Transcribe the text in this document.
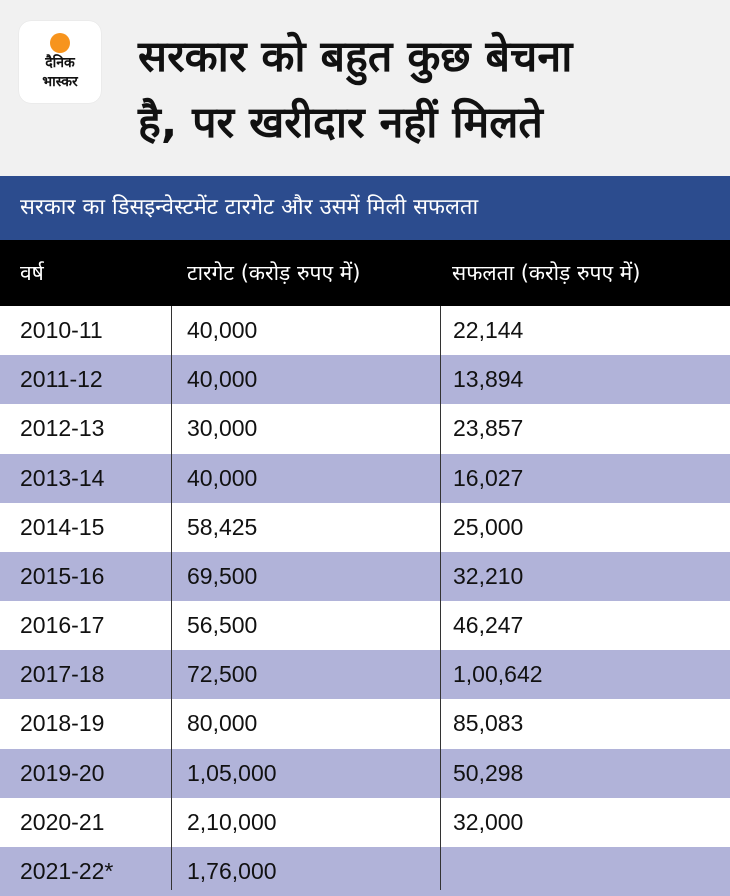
दैनिक
भास्कर	सरकार को बहुत कुछ बेचना
है, पर खरीदार नहीं मिलते
सरकार का डिसइन्वेस्टमेंट टारगेट और उसमें मिली सफलता
वर्ष	टारगेट (करोड़ रुपए में)	सफलता (करोड़ रुपए में)
2010-11	40,000	22,144
2011-12	40,000	13,894
2012-13	30,000	23,857
2013-14	40,000	16,027
2014-15	58,425	25,000
2015-16	69,500	32,210
2016-17	56,500	46,247
2017-18	72,500	1,00,642
2018-19	80,000	85,083
2019-20	1,05,000	50,298
2020-21	2,10,000	32,000
2021-22*	1,76,000
